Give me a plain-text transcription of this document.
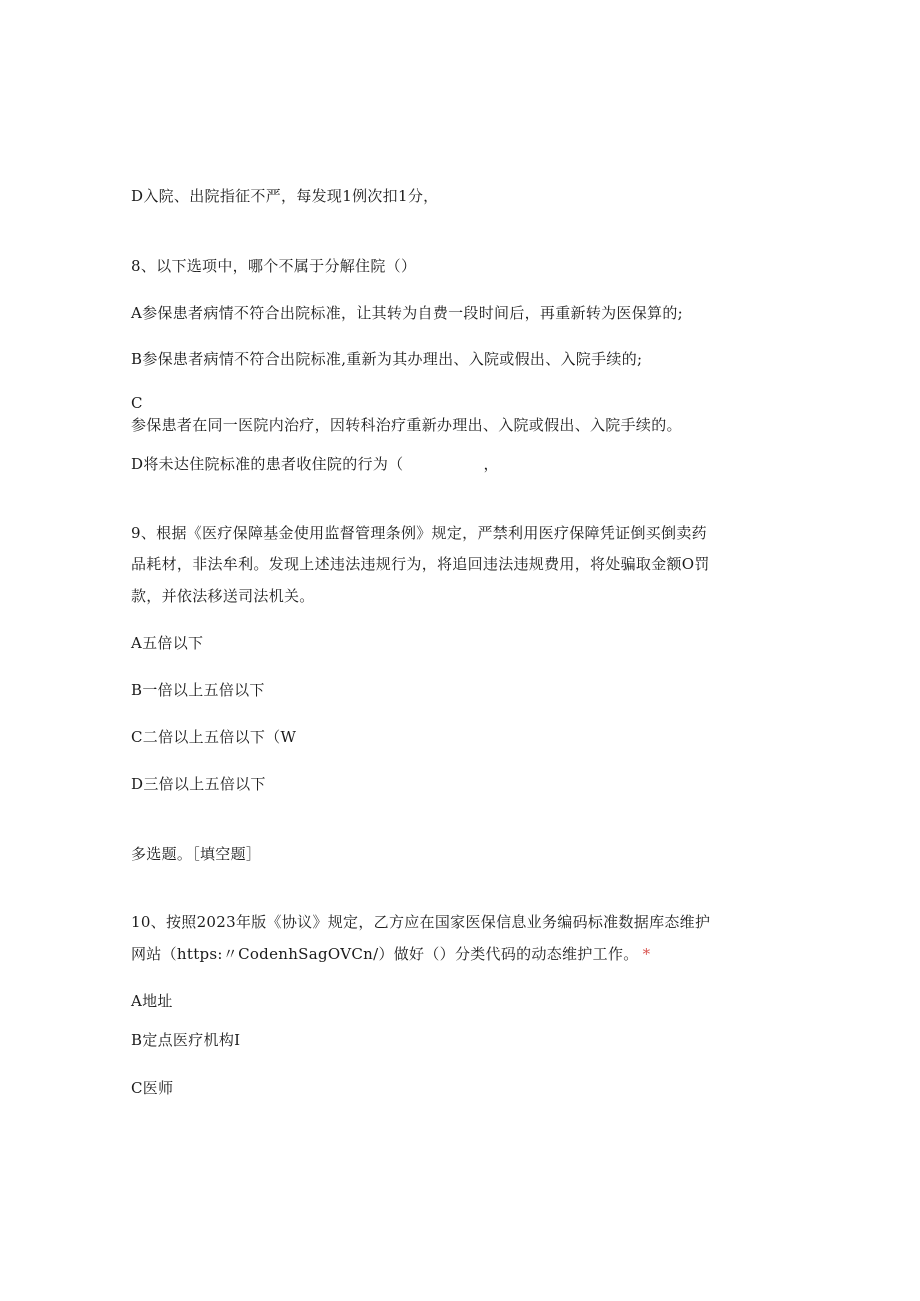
D入院、出院指征不严，每发现1例次扣1分，
8、以下选项中，哪个不属于分解住院（）
A参保患者病情不符合出院标准，让其转为自费一段时间后，再重新转为医保算的;
B参保患者病情不符合出院标准,重新为其办理出、入院或假出、入院手续的;
C
参保患者在同一医院内治疗，因转科治疗重新办理出、入院或假出、入院手续的。
D将未达住院标准的患者收住院的行为（	，
9、根据《医疗保障基金使用监督管理条例》规定，严禁利用医疗保障凭证倒买倒卖药
品耗材，非法牟利。发现上述违法违规行为，将追回违法违规费用，将处骗取金额O罚
款，并依法移送司法机关。
A五倍以下
B一倍以上五倍以下
C二倍以上五倍以下（W
D三倍以上五倍以下
多选题。［填空题］
10、按照2023年版《协议》规定，乙方应在国家医保信息业务编码标准数据库态维护
网站（https:〃CodenhSagOVCn/）做好（）分类代码的动态维护工作。 *
A地址
B定点医疗机构I
C医师
